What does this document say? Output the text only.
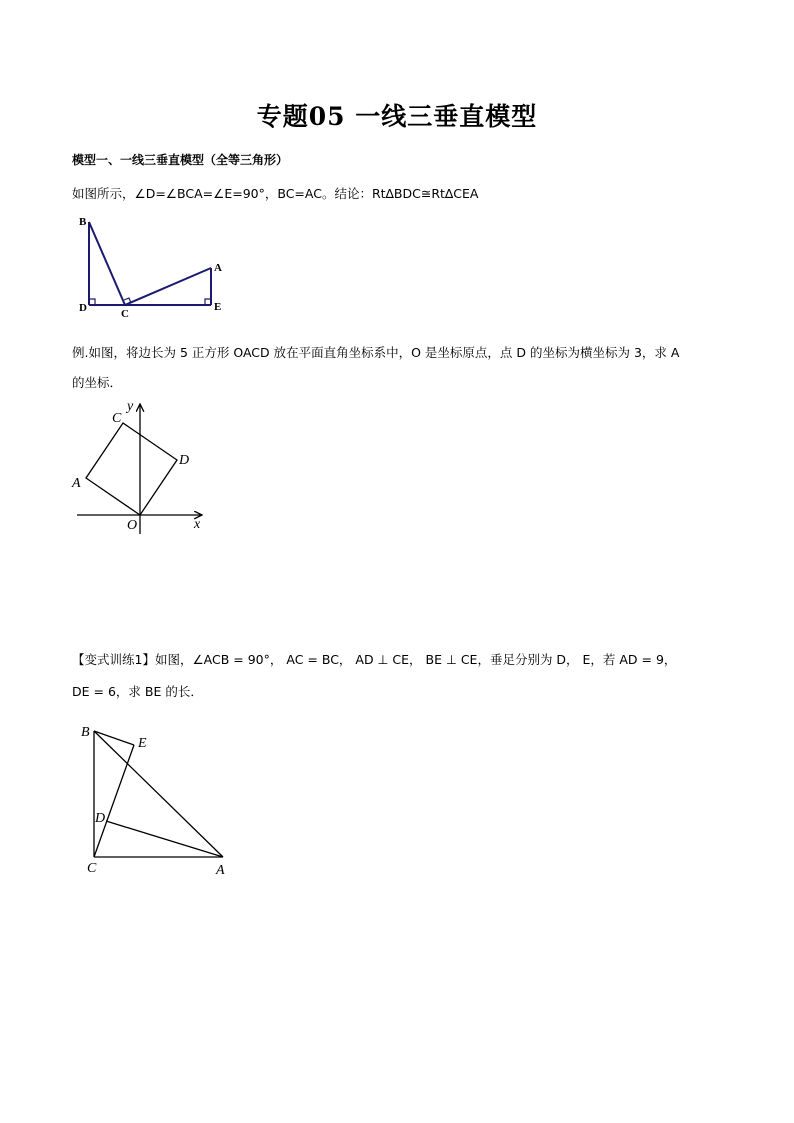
专题05 一线三垂直模型
模型一、一线三垂直模型（全等三角形）
如图所示，∠D=∠BCA=∠E=90°，BC=AC。结论：Rt∆BDC≅Rt∆CEA
B
A
D	C
E
例.如图，将边长为 5 正方形 OACD 放在平面直角坐标系中，O 是坐标原点，点 D 的坐标为横坐标为 3，求 A
的坐标．
y
x
C
D
A
O
【变式训练1】如图，∠ACB = 90°， AC = BC， AD ⊥ CE， BE ⊥ CE，垂足分别为 D， E，若 AD = 9，
DE = 6，求 BE 的长．
B
E
D
C	A
